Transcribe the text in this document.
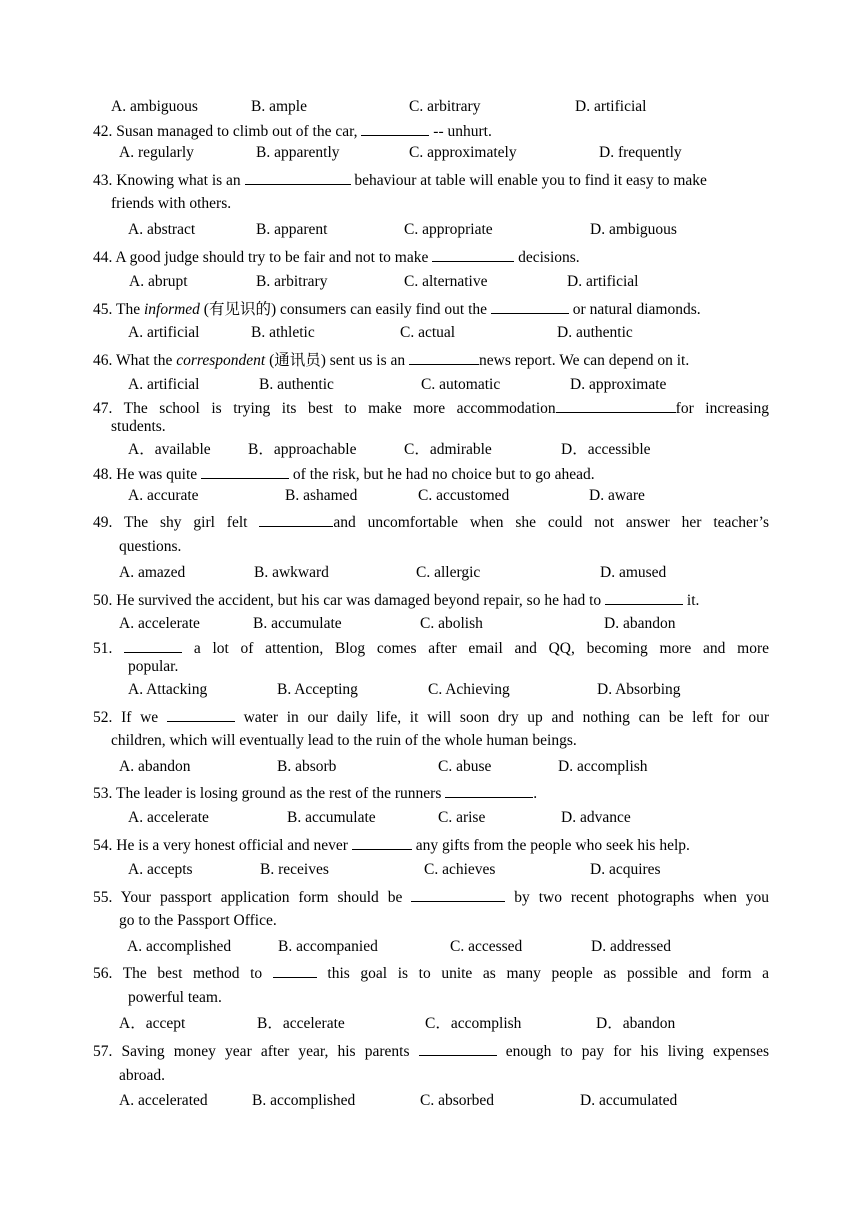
A. ambiguous	B. ample	C. arbitrary	D. artificial
42. Susan managed to climb out of the car,	-- unhurt.
A. regularly	B. apparently	C. approximately	D. frequently
43. Knowing what is an	behaviour at table will enable you to find it easy to make
friends with others.
A. abstract	B. apparent	C. appropriate	D. ambiguous
44. A good judge should try to be fair and not to make	decisions.
A. abrupt	B. arbitrary	C. alternative	D. artificial
45. The informed (有见识的) consumers can easily find out the	or natural diamonds.
A. artificial	B. athletic	C. actual	D. authentic
46. What the correspondent (通讯员) sent us is an	news report. We can depend on it.
A. artificial	B. authentic	C. automatic	D. approximate
47. The school is trying its best to make more accommodation	for increasing
students.
A．available B．approachable	C．admirable	D．accessible
48. He was quite	of the risk, but he had no choice but to go ahead.
A. accurate	B. ashamed	C. accustomed	D. aware
49. The shy girl felt	and uncomfortable when she could not answer her teacher’s
questions.
A. amazed	B. awkward	C. allergic	D. amused
50. He survived the accident, but his car was damaged beyond repair, so he had to	it.
A. accelerate	B. accumulate	C. abolish	D. abandon
51.	a lot of attention, Blog comes after email and QQ, becoming more and more
popular.
A. Attacking	B. Accepting	C. Achieving	D. Absorbing
52. If we	water in our daily life, it will soon dry up and nothing can be left for our
children, which will eventually lead to the ruin of the whole human beings.
A. abandon	B. absorb	C. abuse	D. accomplish
53. The leader is losing ground as the rest of the runners	.
A. accelerate	B. accumulate	C. arise	D. advance
54. He is a very honest official and never	any gifts from the people who seek his help.
A. accepts	B. receives	C. achieves	D. acquires
55. Your passport application form should be	by two recent photographs when you
go to the Passport Office.
A. accomplished	B. accompanied	C. accessed	D. addressed
56. The best method to	this goal is to unite as many people as possible and form a
powerful team.
A．accept	B．accelerate	C．accomplish	D．abandon
57. Saving money year after year, his parents	enough to pay for his living expenses
abroad.
A. accelerated	B. accomplished	C. absorbed	D. accumulated
